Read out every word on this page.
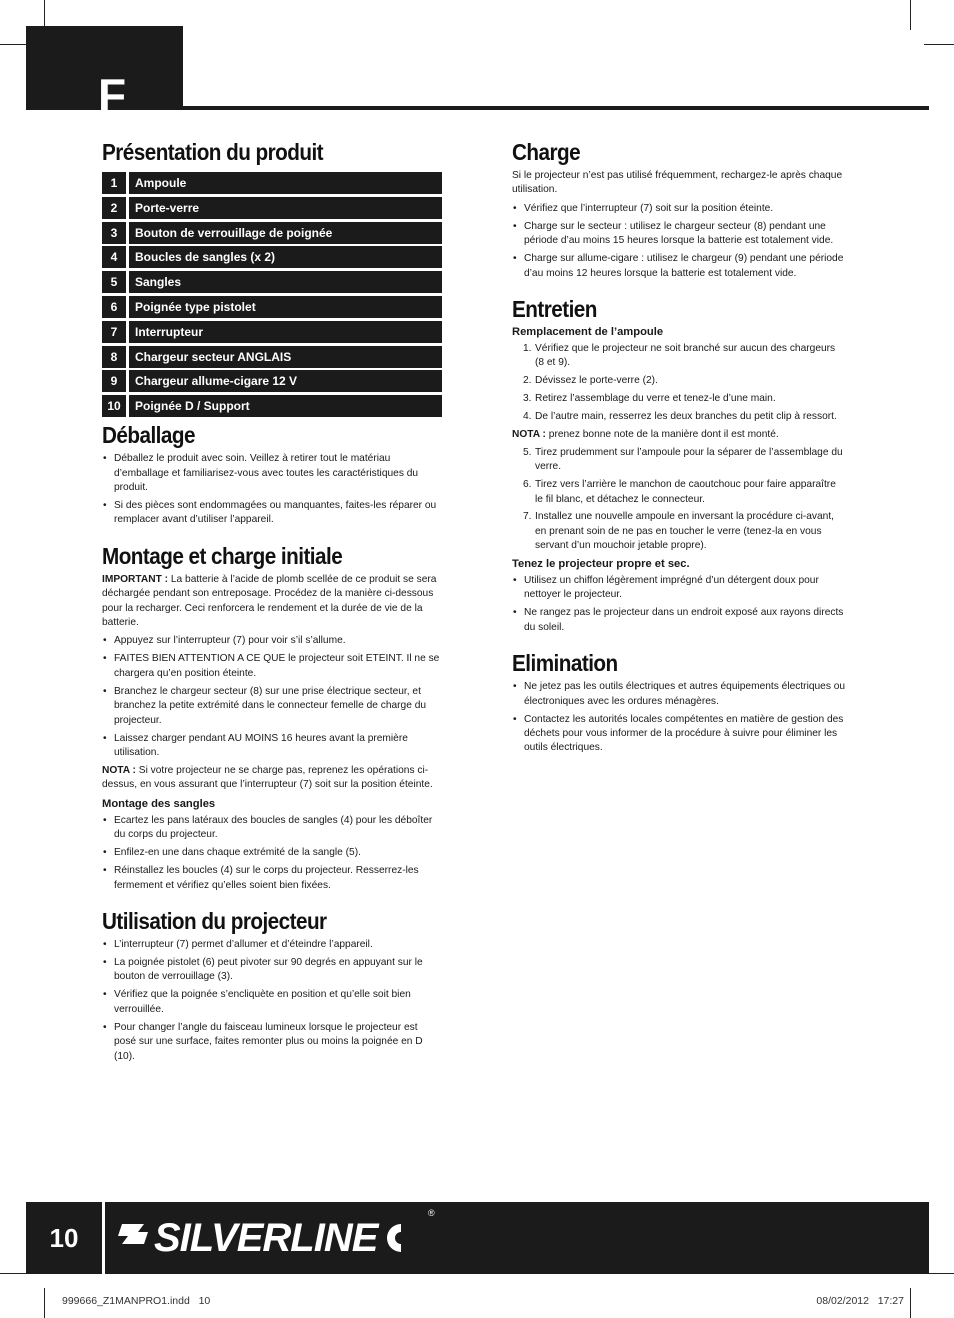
F
Présentation du produit
1	Ampoule
2	Porte-verre
3	Bouton de verrouillage de poignée
4	Boucles de sangles (x 2)
5	Sangles
6	Poignée type pistolet
7	Interrupteur
8	Chargeur secteur ANGLAIS
9	Chargeur allume-cigare 12 V
10	Poignée D / Support
Déballage
• Déballez le produit avec soin. Veillez à retirer tout le matériau d’emballage et familiarisez-vous avec toutes les caractéristiques du produit.
• Si des pièces sont endommagées ou manquantes, faites-les réparer ou remplacer avant d’utiliser l’appareil.
Montage et charge initiale

IMPORTANT : La batterie à l’acide de plomb scellée de ce produit se sera déchargée pendant son entreposage. Procédez de la manière ci-dessous pour la recharger. Ceci renforcera le rendement et la durée de vie de la batterie.

• Appuyez sur l’interrupteur (7) pour voir s’il s’allume.
• FAITES BIEN ATTENTION A CE QUE le projecteur soit ETEINT. Il ne se chargera qu’en position éteinte.
• Branchez le chargeur secteur (8) sur une prise électrique secteur, et branchez la petite extrémité dans le connecteur femelle de charge du projecteur.
• Laissez charger pendant AU MOINS 16 heures avant la première utilisation.

NOTA : Si votre projecteur ne se charge pas, reprenez les opérations ci-dessus, en vous assurant que l’interrupteur (7) soit sur la position éteinte.

Montage des sangles
• Ecartez les pans latéraux des boucles de sangles (4) pour les déboîter du corps du projecteur.
• Enfilez-en une dans chaque extrémité de la sangle (5).
• Réinstallez les boucles (4) sur le corps du projecteur. Resserrez-les fermement et vérifiez qu’elles soient bien fixées.
Utilisation du projecteur
• L’interrupteur (7) permet d’allumer et d’éteindre l’appareil.
• La poignée pistolet (6) peut pivoter sur 90 degrés en appuyant sur le bouton de verrouillage (3).
• Vérifiez que la poignée s’encliquète en position et qu’elle soit bien verrouillée.
• Pour changer l’angle du faisceau lumineux lorsque le projecteur est posé sur une surface, faites remonter plus ou moins la poignée en D (10).
Charge

Si le projecteur n’est pas utilisé fréquemment, rechargez-le après chaque utilisation.

• Vérifiez que l’interrupteur (7) soit sur la position éteinte.
• Charge sur le secteur : utilisez le chargeur secteur (8) pendant une période d’au moins 15 heures lorsque la batterie est totalement vide.
• Charge sur allume-cigare : utilisez le chargeur (9) pendant une période d’au moins 12 heures lorsque la batterie est totalement vide.
Entretien
Remplacement de l’ampoule
1. Vérifiez que le projecteur ne soit branché sur aucun des chargeurs (8 et 9).
2. Dévissez le porte-verre (2).
3. Retirez l’assemblage du verre et tenez-le d’une main.
4. De l’autre main, resserrez les deux branches du petit clip à ressort.

NOTA : prenez bonne note de la manière dont il est monté.

5. Tirez prudemment sur l’ampoule pour la séparer de l’assemblage du verre.
6. Tirez vers l’arrière le manchon de caoutchouc pour faire apparaître le fil blanc, et détachez le connecteur.
7. Installez une nouvelle ampoule en inversant la procédure ci-avant, en prenant soin de ne pas en toucher le verre (tenez-la en vous servant d’un mouchoir jetable propre).
Tenez le projecteur propre et sec.
• Utilisez un chiffon légèrement imprégné d’un détergent doux pour nettoyer le projecteur.
• Ne rangez pas le projecteur dans un endroit exposé aux rayons directs du soleil.
Elimination
• Ne jetez pas les outils électriques et autres équipements électriques ou électroniques avec les ordures ménagères.
• Contactez les autorités locales compétentes en matière de gestion des déchets pour vous informer de la procédure à suivre pour éliminer les outils électriques.
10	SILVERLINE
®
999666_Z1MANPRO1.indd   10	08/02/2012   17:27
